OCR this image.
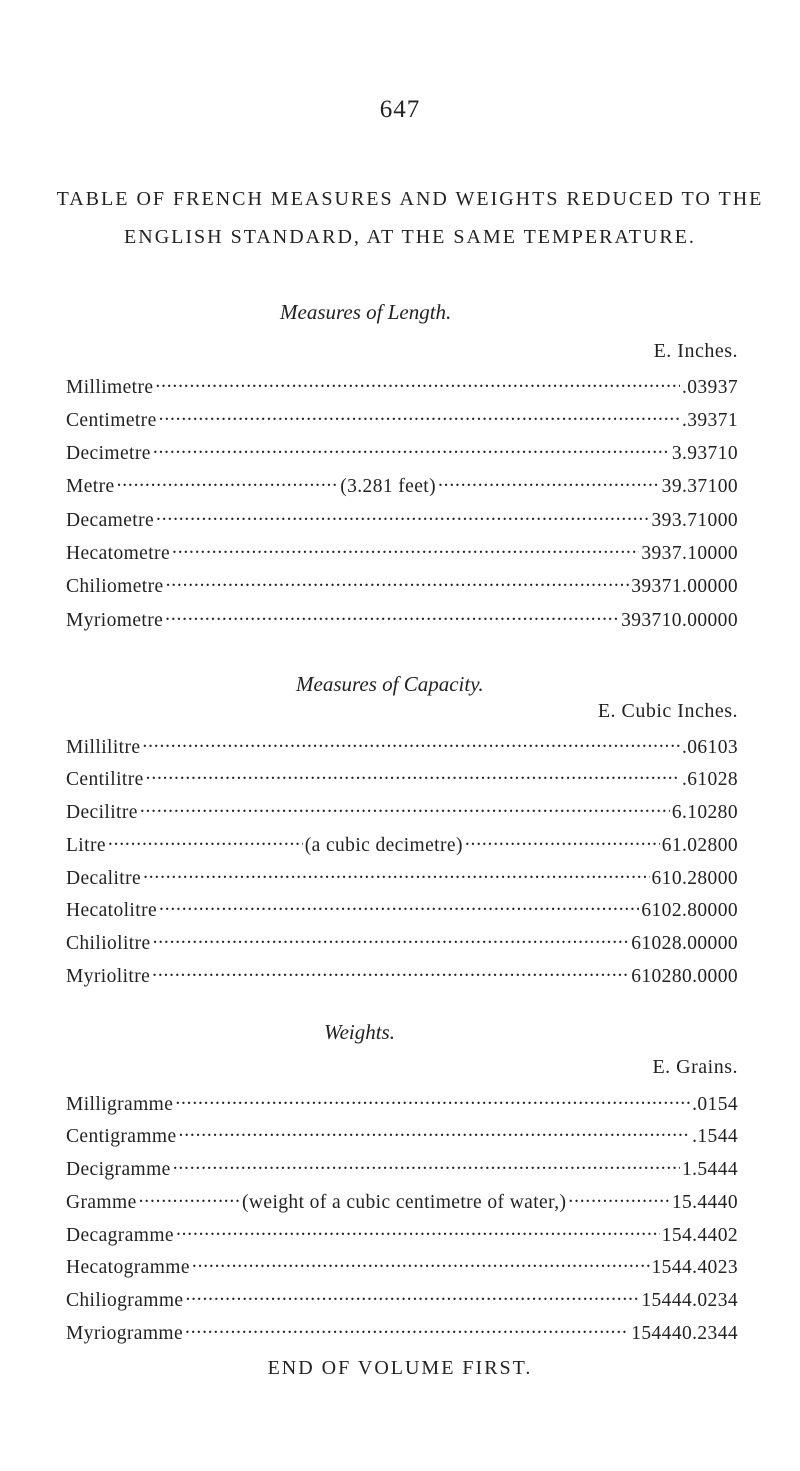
647
TABLE OF FRENCH MEASURES AND WEIGHTS REDUCED TO THE
ENGLISH STANDARD, AT THE SAME TEMPERATURE.
Measures of Length.
E. Inches.
Millimetre .....	.03937
Centimetre .....	.39371
Decimetre .....	3.93710
Metre .....	(3.281 feet) .....	39.37100
Decametre .....	393.71000
Hecatometre .....	3937.10000
Chiliometre .....	39371.00000
Myriometre .....	393710.00000
Measures of Capacity.
E. Cubic Inches.
Millilitre .....	.06103
Centilitre .....	.61028
Decilitre .....	6.10280
Litre .....	(a cubic decimetre) .....	61.02800
Decalitre .....	610.28000
Hecatolitre .....	6102.80000
Chiliolitre .....	61028.00000
Myriolitre .....	610280.0000
Weights.
E. Grains.
Milligramme .....	.0154
Centigramme .....	.1544
Decigramme .....	1.5444
Gramme .....	(weight of a cubic centimetre of water,) .....	15.4440
Decagramme .....	154.4402
Hecatogramme .....	1544.4023
Chiliogramme .....	15444.0234
Myriogramme .....	154440.2344
END OF VOLUME FIRST.
